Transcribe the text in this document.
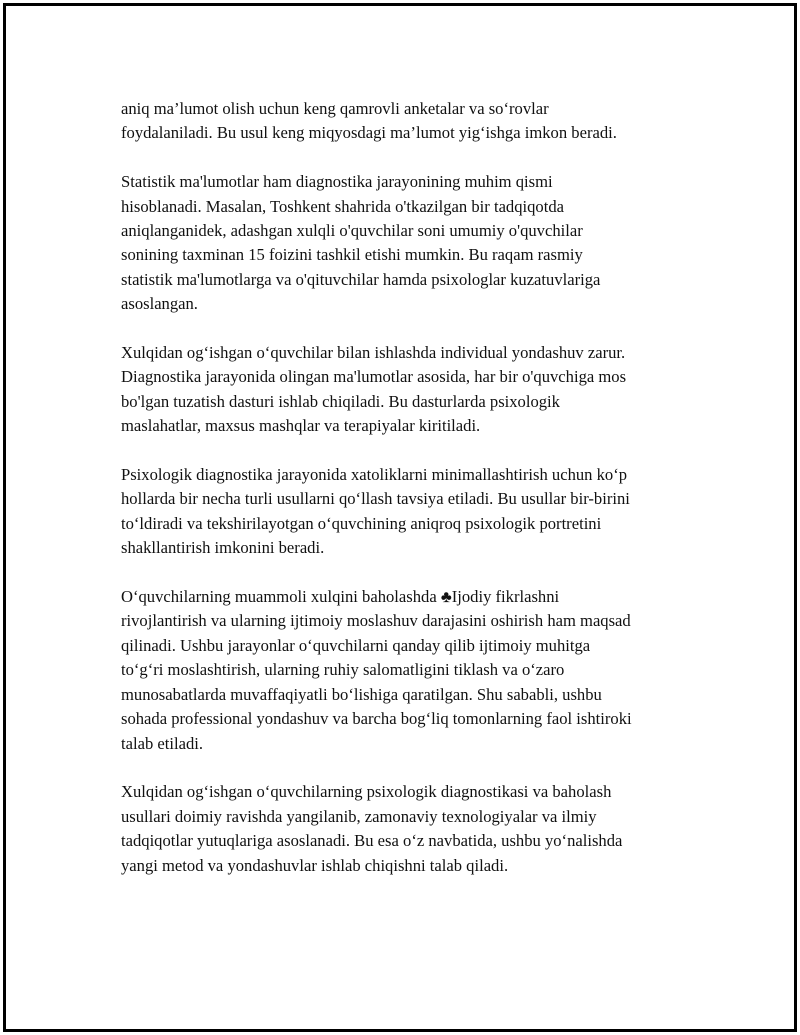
aniq ma’lumot olish uchun keng qamrovli anketalar va so‘rovlar
foydalaniladi. Bu usul keng miqyosdagi ma’lumot yig‘ishga imkon beradi.

Statistik ma'lumotlar ham diagnostika jarayonining muhim qismi
hisoblanadi. Masalan, Toshkent shahrida o'tkazilgan bir tadqiqotda
aniqlanganidek, adashgan xulqli o'quvchilar soni umumiy o'quvchilar
sonining taxminan 15 foizini tashkil etishi mumkin. Bu raqam rasmiy
statistik ma'lumotlarga va o'qituvchilar hamda psixologlar kuzatuvlariga
asoslangan.

Xulqidan og‘ishgan o‘quvchilar bilan ishlashda individual yondashuv zarur.
Diagnostika jarayonida olingan ma'lumotlar asosida, har bir o'quvchiga mos
bo'lgan tuzatish dasturi ishlab chiqiladi. Bu dasturlarda psixologik
maslahatlar, maxsus mashqlar va terapiyalar kiritiladi.

Psixologik diagnostika jarayonida xatoliklarni minimallashtirish uchun ko‘p
hollarda bir necha turli usullarni qo‘llash tavsiya etiladi. Bu usullar bir-birini
to‘ldiradi va tekshirilayotgan o‘quvchining aniqroq psixologik portretini
shakllantirish imkonini beradi.

O‘quvchilarning muammoli xulqini baholashda ♣Ijodiy fikrlashni
rivojlantirish va ularning ijtimoiy moslashuv darajasini oshirish ham maqsad
qilinadi. Ushbu jarayonlar o‘quvchilarni qanday qilib ijtimoiy muhitga
to‘g‘ri moslashtirish, ularning ruhiy salomatligini tiklash va o‘zaro
munosabatlarda muvaffaqiyatli bo‘lishiga qaratilgan. Shu sababli, ushbu
sohada professional yondashuv va barcha bog‘liq tomonlarning faol ishtiroki
talab etiladi.

Xulqidan og‘ishgan o‘quvchilarning psixologik diagnostikasi va baholash
usullari doimiy ravishda yangilanib, zamonaviy texnologiyalar va ilmiy
tadqiqotlar yutuqlariga asoslanadi. Bu esa o‘z navbatida, ushbu yo‘nalishda
yangi metod va yondashuvlar ishlab chiqishni talab qiladi.
